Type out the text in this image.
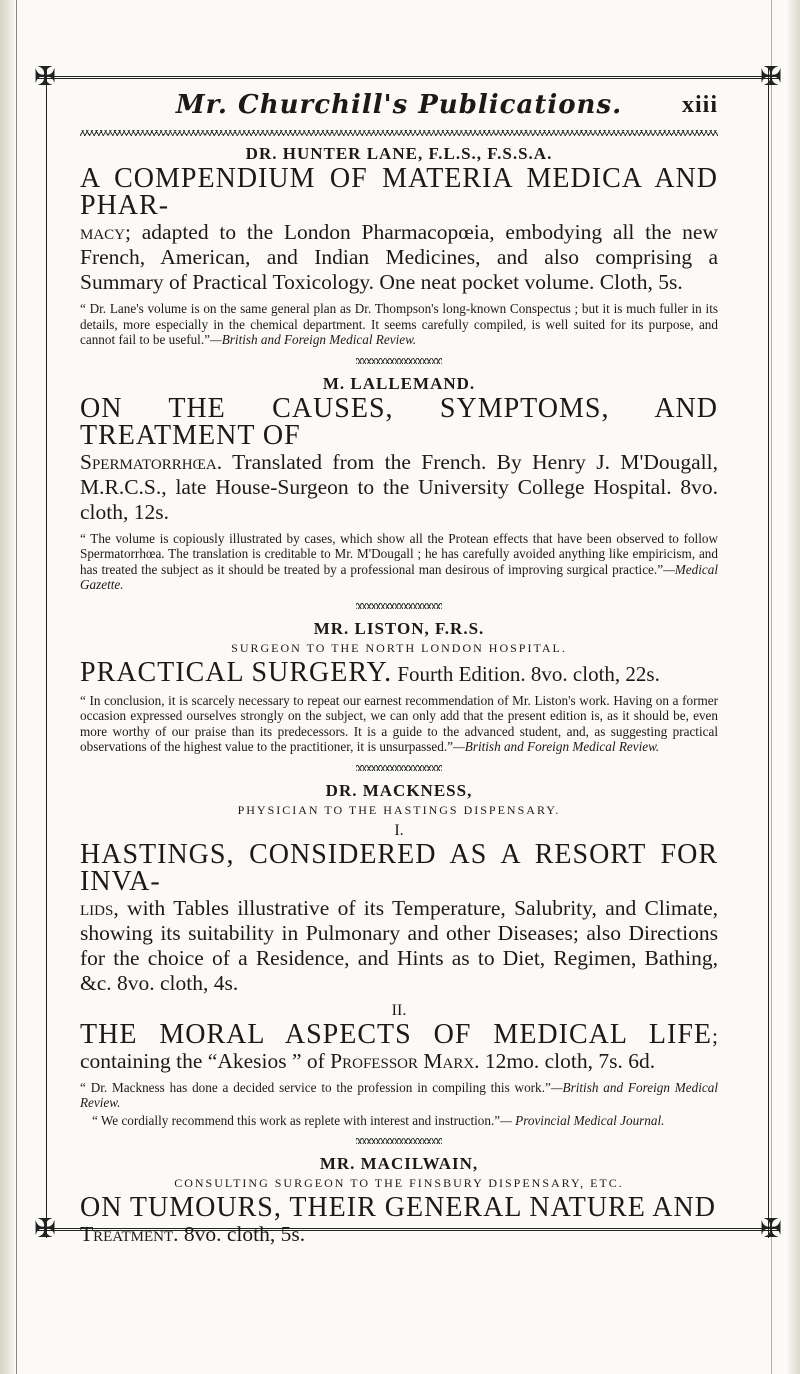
✠	✠
✠	✠
Mr. Churchill's Publications.	xiii
DR. HUNTER LANE, F.L.S., F.S.S.A.
A COMPENDIUM OF MATERIA MEDICA AND PHAR-
macy; adapted to the London Pharmacopœia, embodying all the new French, American, and Indian Medicines, and also comprising a Summary of Practical Toxicology. One neat pocket volume. Cloth, 5s.
“ Dr. Lane's volume is on the same general plan as Dr. Thompson's long-known Conspectus ; but it is much fuller in its details, more especially in the chemical department. It seems carefully compiled, is well suited for its purpose, and cannot fail to be useful.”—British and Foreign Medical Review.
M. LALLEMAND.
ON THE CAUSES, SYMPTOMS, AND TREATMENT OF
Spermatorrhœa. Translated from the French. By Henry J. M'Dougall, M.R.C.S., late House-Surgeon to the University College Hospital. 8vo. cloth, 12s.
“ The volume is copiously illustrated by cases, which show all the Protean effects that have been observed to follow Spermatorrhœa. The translation is creditable to Mr. M'Dougall ; he has carefully avoided anything like empiricism, and has treated the subject as it should be treated by a professional man desirous of improving surgical practice.”—Medical Gazette.
MR. LISTON, F.R.S.
SURGEON TO THE NORTH LONDON HOSPITAL.
PRACTICAL SURGERY. Fourth Edition. 8vo. cloth, 22s.
“ In conclusion, it is scarcely necessary to repeat our earnest recommendation of Mr. Liston's work. Having on a former occasion expressed ourselves strongly on the subject, we can only add that the present edition is, as it should be, even more worthy of our praise than its predecessors. It is a guide to the advanced student, and, as suggesting practical observations of the highest value to the practitioner, it is unsurpassed.”—British and Foreign Medical Review.
DR. MACKNESS,
PHYSICIAN TO THE HASTINGS DISPENSARY.
I.
HASTINGS, CONSIDERED AS A RESORT FOR INVA-
lids, with Tables illustrative of its Temperature, Salubrity, and Climate, showing its suitability in Pulmonary and other Diseases; also Directions for the choice of a Residence, and Hints as to Diet, Regimen, Bathing, &c. 8vo. cloth, 4s.
II.
THE MORAL ASPECTS OF MEDICAL LIFE; containing the “Akesios ” of Professor Marx. 12mo. cloth, 7s. 6d.
“ Dr. Mackness has done a decided service to the profession in compiling this work.”—British and Foreign Medical Review.
“ We cordially recommend this work as replete with interest and instruction.”— Provincial Medical Journal.
MR. MACILWAIN,
CONSULTING SURGEON TO THE FINSBURY DISPENSARY, ETC.
ON TUMOURS, THEIR GENERAL NATURE AND
Treatment. 8vo. cloth, 5s.
